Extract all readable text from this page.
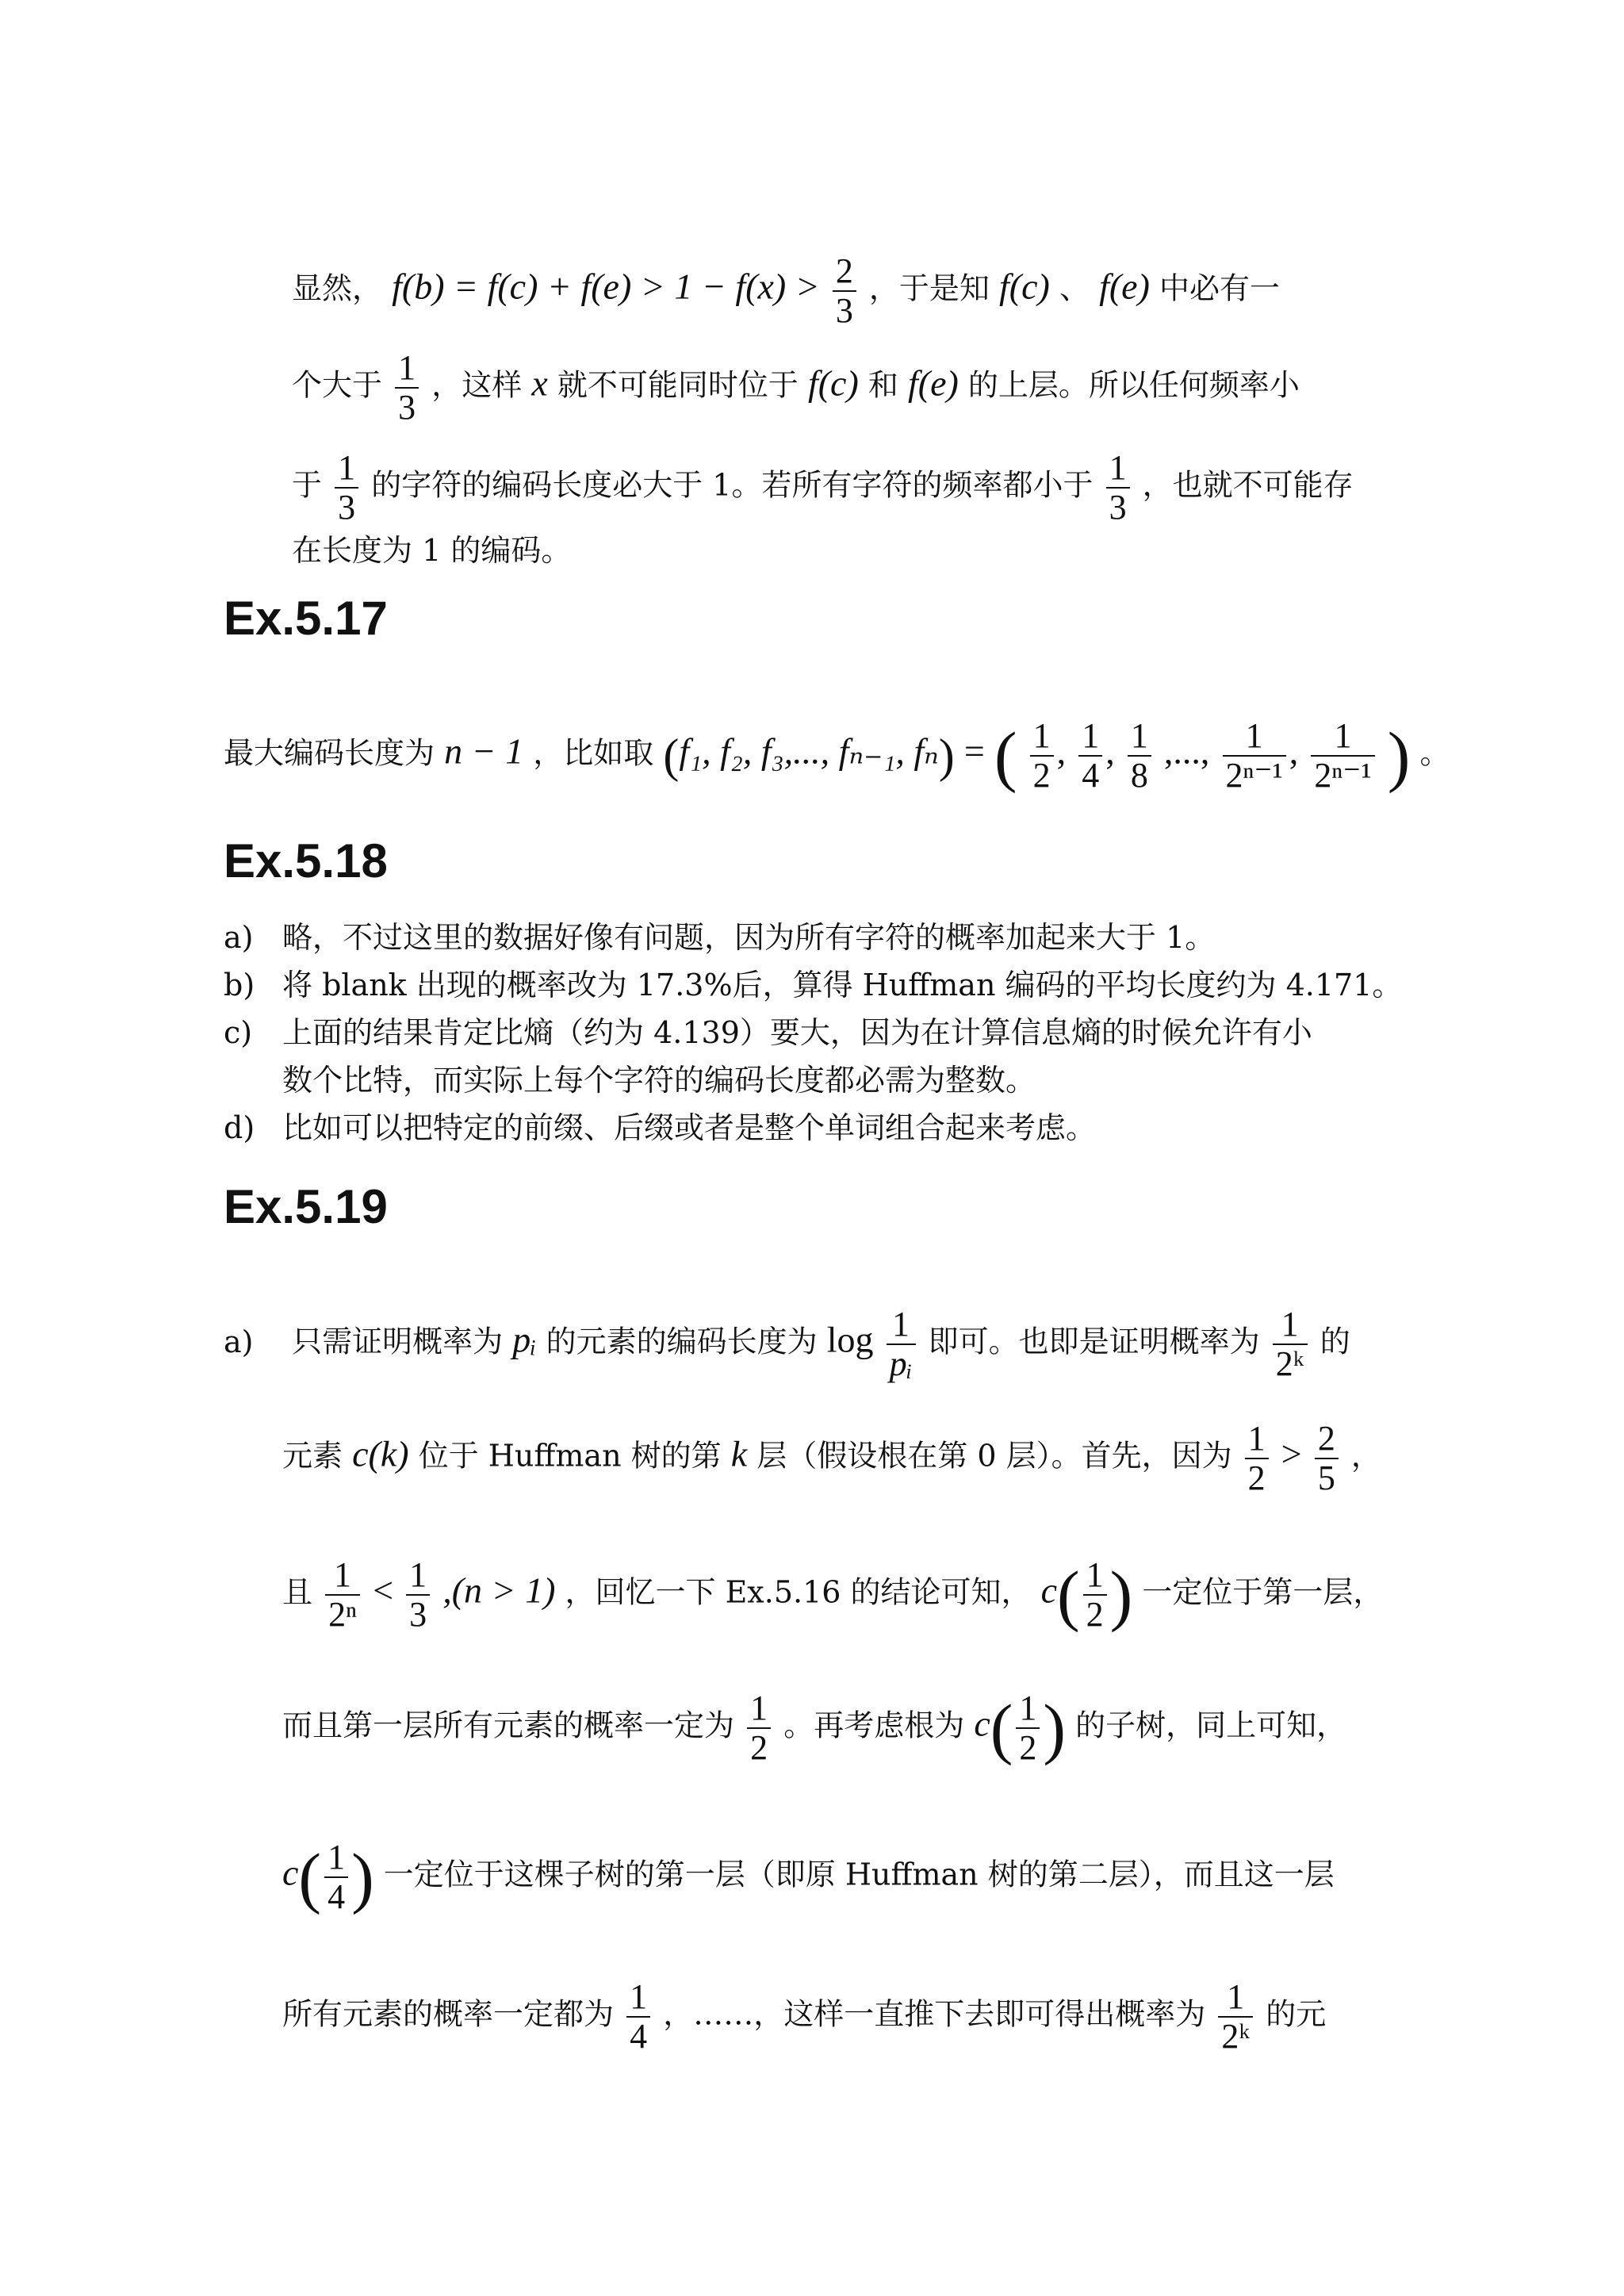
显然， $f(b) = f(c) + f(e) > 1 - f(x) > \frac{2}{3}$ ，于是知 f(c) 、 f(e) 中必有一
个大于 $\frac{1}{3}$ ，这样 x 就不可能同时位于 f(c) 和 f(e) 的上层。所以任何频率小
于 $\frac{1}{3}$ 的字符的编码长度必大于 1。若所有字符的频率都小于 $\frac{1}{3}$ ，也就不可能存
在长度为 1 的编码。
Ex.5.17
最大编码长度为 n − 1 ，比如取 (f₁, f₂, f₃,..., fₙ₋₁, fₙ) = ( $\frac{1}{2}$ , $\frac{1}{4}$ , $\frac{1}{8}$ ,..., $\frac{1}{\text{2ⁿ⁻¹}}$ , $\frac{1}{\text{2ⁿ⁻¹}}$ ) 。
Ex.5.18
a) 略，不过这里的数据好像有问题，因为所有字符的概率加起来大于 1。
b) 将 blank 出现的概率改为 17.3%后，算得 Huffman 编码的平均长度约为 4.171。
c) 上面的结果肯定比熵（约为 4.139）要大，因为在计算信息熵的时候允许有小
数个比特，而实际上每个字符的编码长度都必需为整数。
d) 比如可以把特定的前缀、后缀或者是整个单词组合起来考虑。
Ex.5.19
a) 只需证明概率为 pᵢ 的元素的编码长度为 $\log \frac{1}{\text{pᵢ}}$ 即可。也即是证明概率为 $\frac{1}{\text{2ᵏ}}$ 的
元素 c(k) 位于 Huffman 树的第 k 层（假设根在第 0 层）。首先，因为 $\frac{1}{2} > \frac{2}{5}$ ，
且 $\frac{1}{\text{2ⁿ}} < \frac{1}{3} ,(n > 1)$ ，回忆一下 Ex.5.16 的结论可知， $c( \frac{1}{2}$ ) 一定位于第一层，
而且第一层所有元素的概率一定为 $\frac{1}{2}$ 。再考虑根为 $c( \frac{1}{2}$ ) 的子树，同上可知，
$c( \frac{1}{4}$ ) 一定位于这棵子树的第一层（即原 Huffman 树的第二层），而且这一层
所有元素的概率一定都为 $\frac{1}{4}$ ，……，这样一直推下去即可得出概率为 $\frac{1}{\text{2ᵏ}}$ 的元
